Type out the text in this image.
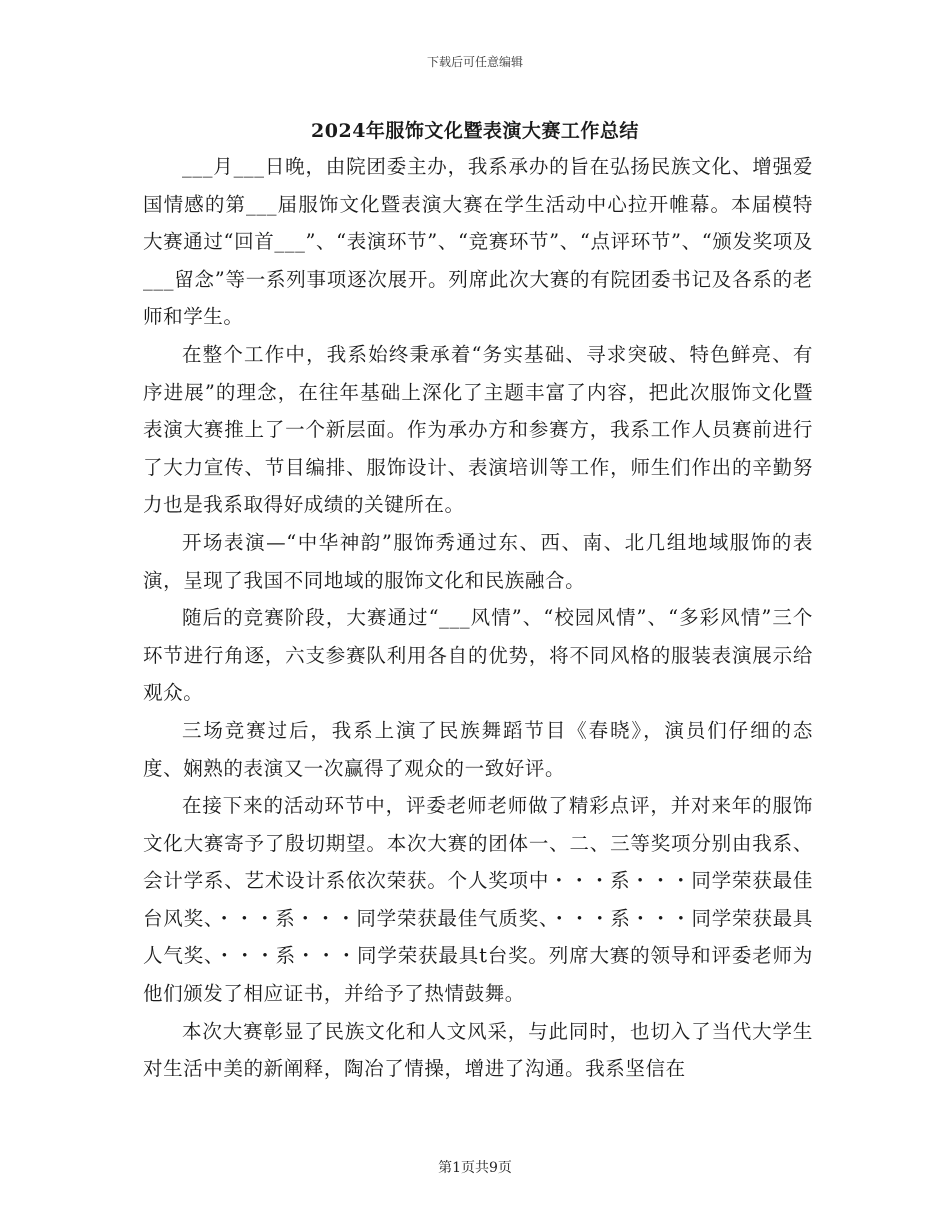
下载后可任意编辑
2024年服饰文化暨表演大赛工作总结

___月___日晚，由院团委主办，我系承办的旨在弘扬民族文化、增强爱国情感的第___届服饰文化暨表演大赛在学生活动中心拉开帷幕。本届模特大赛通过“回首___”、“表演环节”、“竞赛环节”、“点评环节”、“颁发奖项及___留念”等一系列事项逐次展开。列席此次大赛的有院团委书记及各系的老师和学生。

在整个工作中，我系始终秉承着“务实基础、寻求突破、特色鲜亮、有序进展”的理念，在往年基础上深化了主题丰富了内容，把此次服饰文化暨表演大赛推上了一个新层面。作为承办方和参赛方，我系工作人员赛前进行了大力宣传、节目编排、服饰设计、表演培训等工作，师生们作出的辛勤努力也是我系取得好成绩的关键所在。

开场表演—“中华神韵”服饰秀通过东、西、南、北几组地域服饰的表演，呈现了我国不同地域的服饰文化和民族融合。

随后的竞赛阶段，大赛通过“___风情”、“校园风情”、“多彩风情”三个环节进行角逐，六支参赛队利用各自的优势，将不同风格的服装表演展示给观众。

三场竞赛过后，我系上演了民族舞蹈节目《春晓》，演员们仔细的态度、娴熟的表演又一次赢得了观众的一致好评。

在接下来的活动环节中，评委老师老师做了精彩点评，并对来年的服饰文化大赛寄予了殷切期望。本次大赛的团体一、二、三等奖项分别由我系、会计学系、艺术设计系依次荣获。个人奖项中・・・系・・・同学荣获最佳台风奖、・・・系・・・同学荣获最佳气质奖、・・・系・・・同学荣获最具人气奖、・・・系・・・同学荣获最具t台奖。列席大赛的领导和评委老师为他们颁发了相应证书，并给予了热情鼓舞。

本次大赛彰显了民族文化和人文风采，与此同时，也切入了当代大学生对生活中美的新阐释，陶冶了情操，增进了沟通。我系坚信在

第1页共9页
